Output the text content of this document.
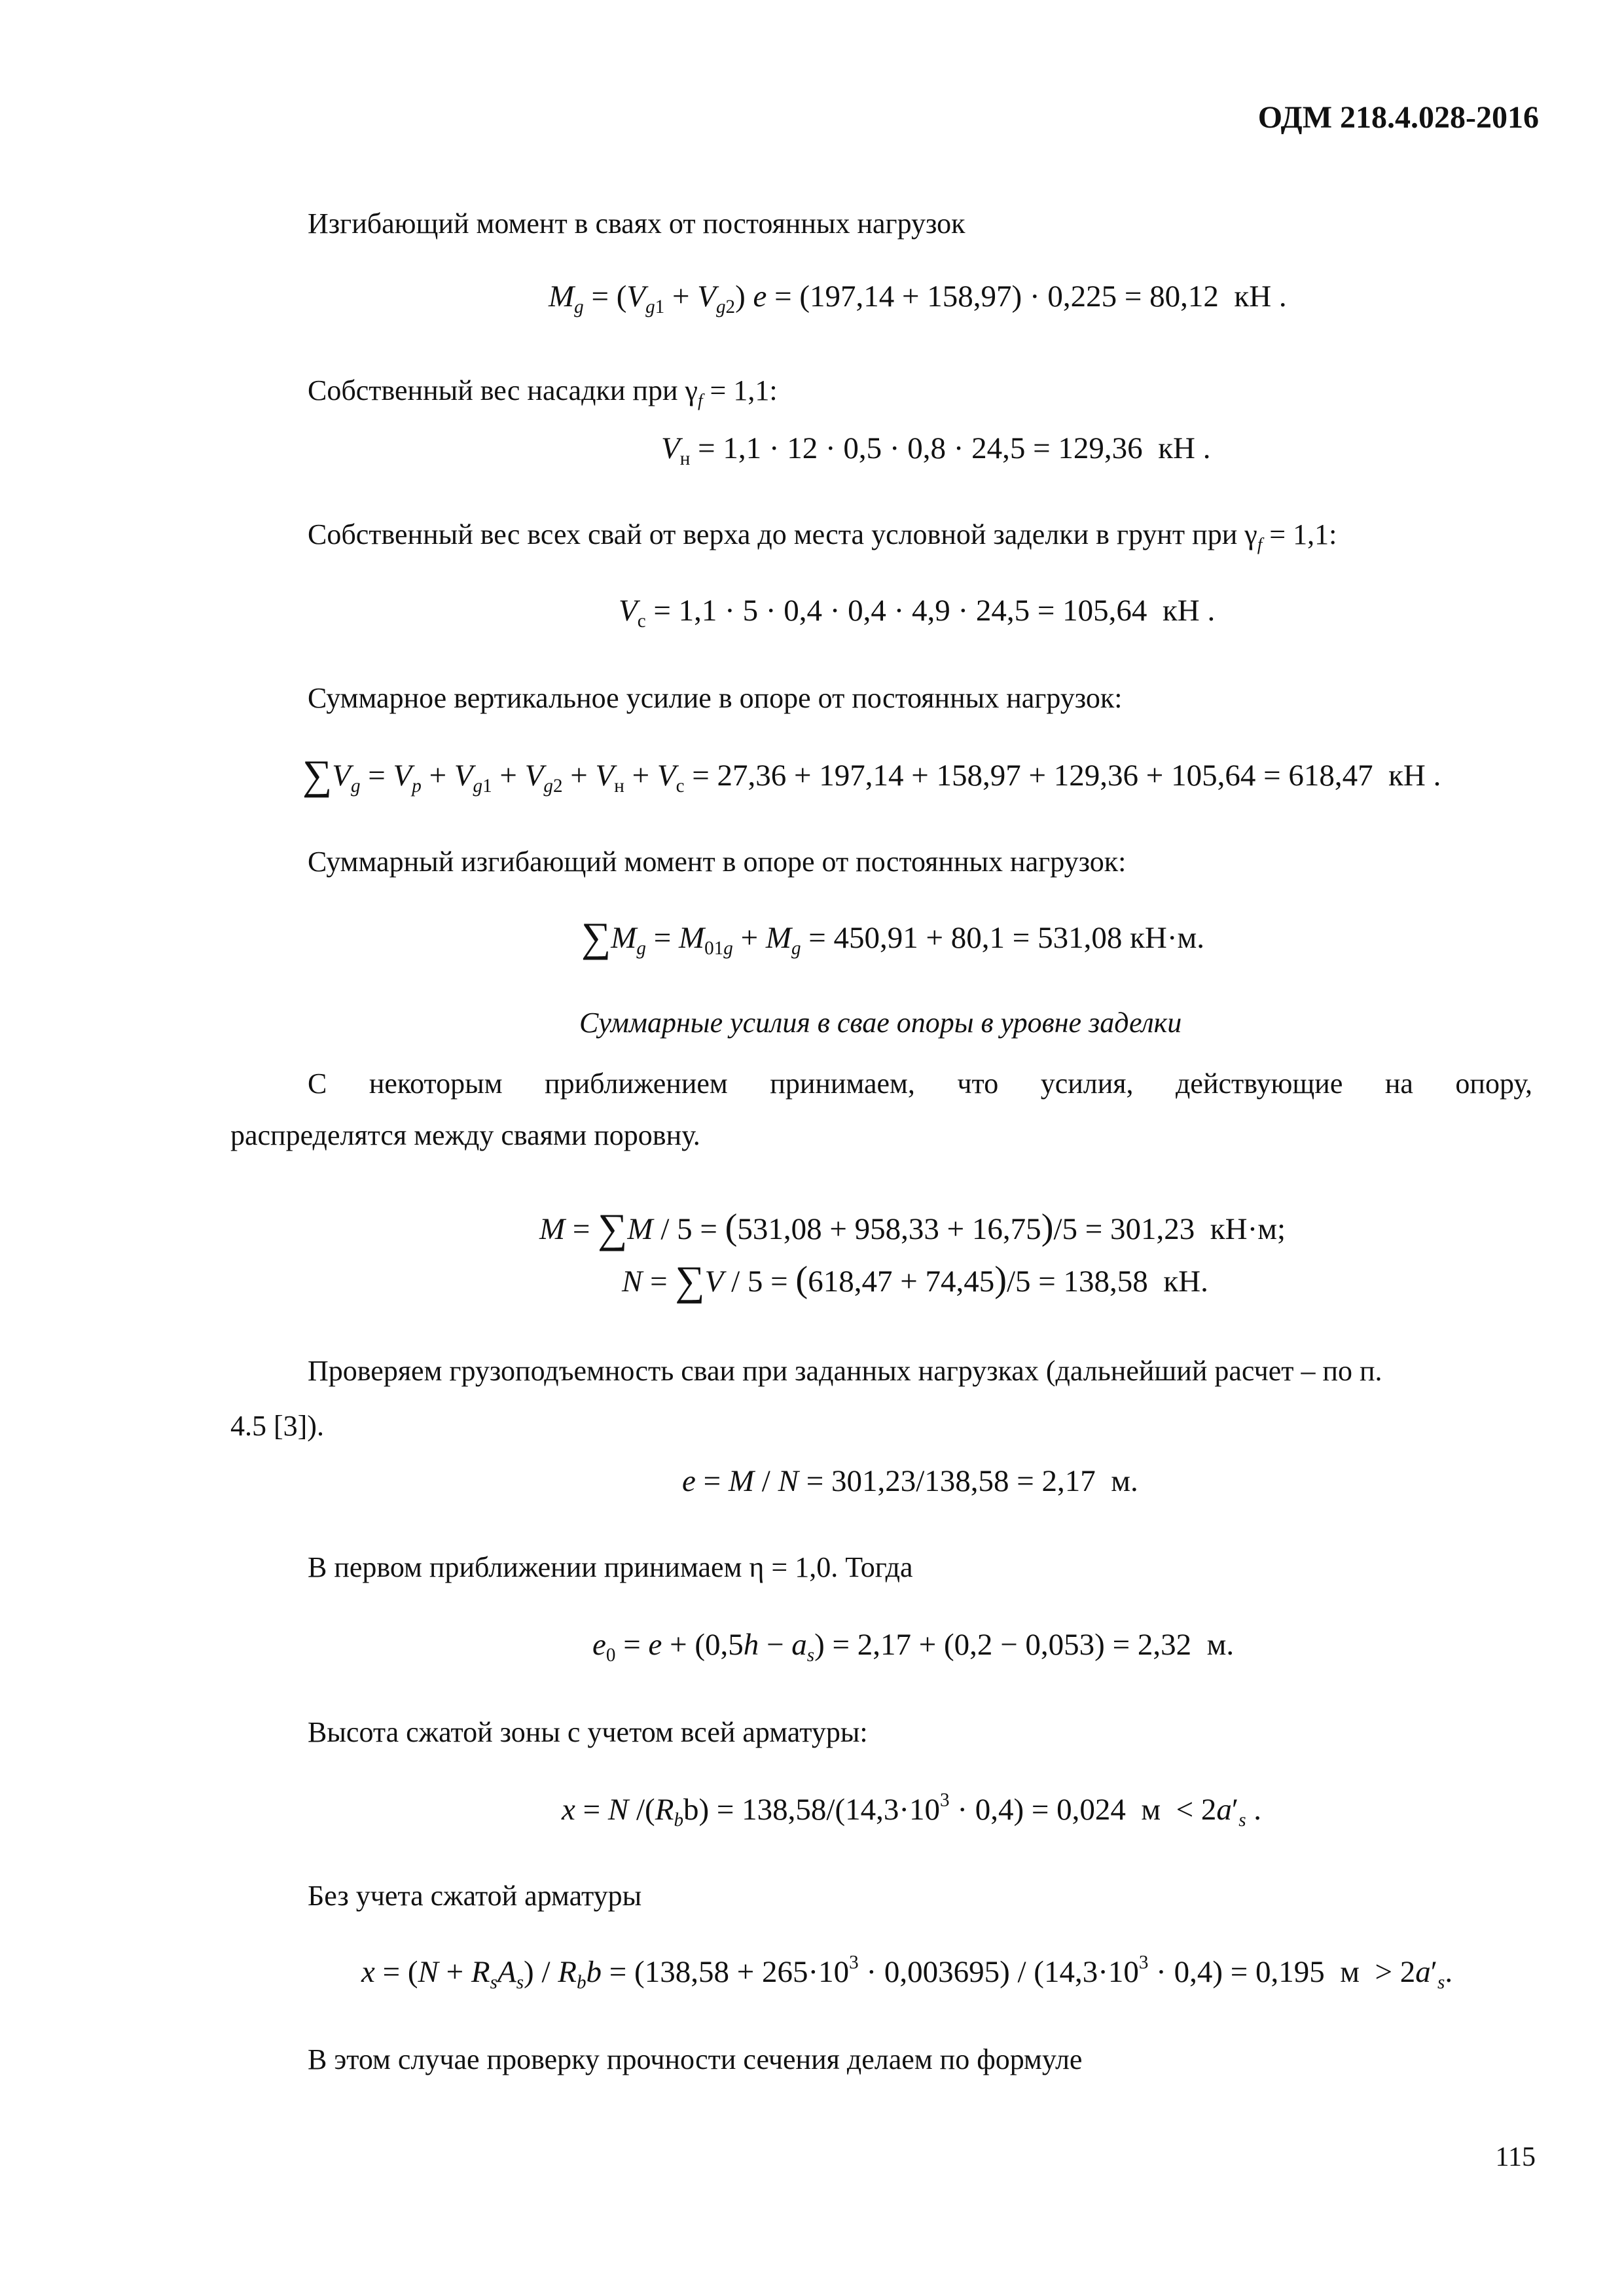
ОДМ 218.4.028-2016
Изгибающий момент в сваях от постоянных нагрузок
$M_g = (V_{g1} + V_{g2}) e = (197,14 + 158,97) \cdot 0,225 = 80,12$ кН .
Собственный вес насадки при $\gamma_f = 1,1$:
$V_н = 1,1 \cdot 12 \cdot 0,5 \cdot 0,8 \cdot 24,5 = 129,36$ кН .
Собственный вес всех свай от верха до места условной заделки в грунт при $\gamma_f = 1,1$:
$V_с = 1,1 \cdot 5 \cdot 0,4 \cdot 0,4 \cdot 4,9 \cdot 24,5 = 105,64$ кН .
Суммарное вертикальное усилие в опоре от постоянных нагрузок:
$\sum V_g = V_p + V_{g1} + V_{g2} + V_н + V_с = 27,36 + 197,14 + 158,97 + 129,36 + 105,64 = 618,47$ кН .
Суммарный изгибающий момент в опоре от постоянных нагрузок:
$\sum M_g = M_{01g} + M_g = 450,91 + 80,1 = 531,08$ кН·м.
Суммарные усилия в свае опоры в уровне заделки
С некоторым приближением принимаем, что усилия, действующие на опору,
распределятся между сваями поровну.
M = ∑M / 5 = (531,08 + 958,33 + 16,75)/5 = 301,23 кН·м;
N = ∑V / 5 = (618,47 + 74,45)/5 = 138,58 кН.
Проверяем грузоподъемность сваи при заданных нагрузках (дальнейший расчет – по п.
4.5 [3]).
e = M / N = 301,23/138,58 = 2,17 м.
В первом приближении принимаем η = 1,0. Тогда
$e_0 = e + (0,5h - a_s) = 2,17 + (0,2 - 0,053) = 2,32$ м.
Высота сжатой зоны с учетом всей арматуры:
x = N $/(R_bb) = 138,58/(14,3\cdot 10^3 \cdot 0,4) = 0,024$ $м < 2a'_s$ .
Без учета сжатой арматуры
$x = (N + R_sA_s) / R_bb = (138,58 + 265\cdot 10^3 \cdot 0,003695) / (14,3\cdot 10^3 \cdot 0,4) = 0,195$ $м > 2a'_s$.
В этом случае проверку прочности сечения делаем по формуле
115
